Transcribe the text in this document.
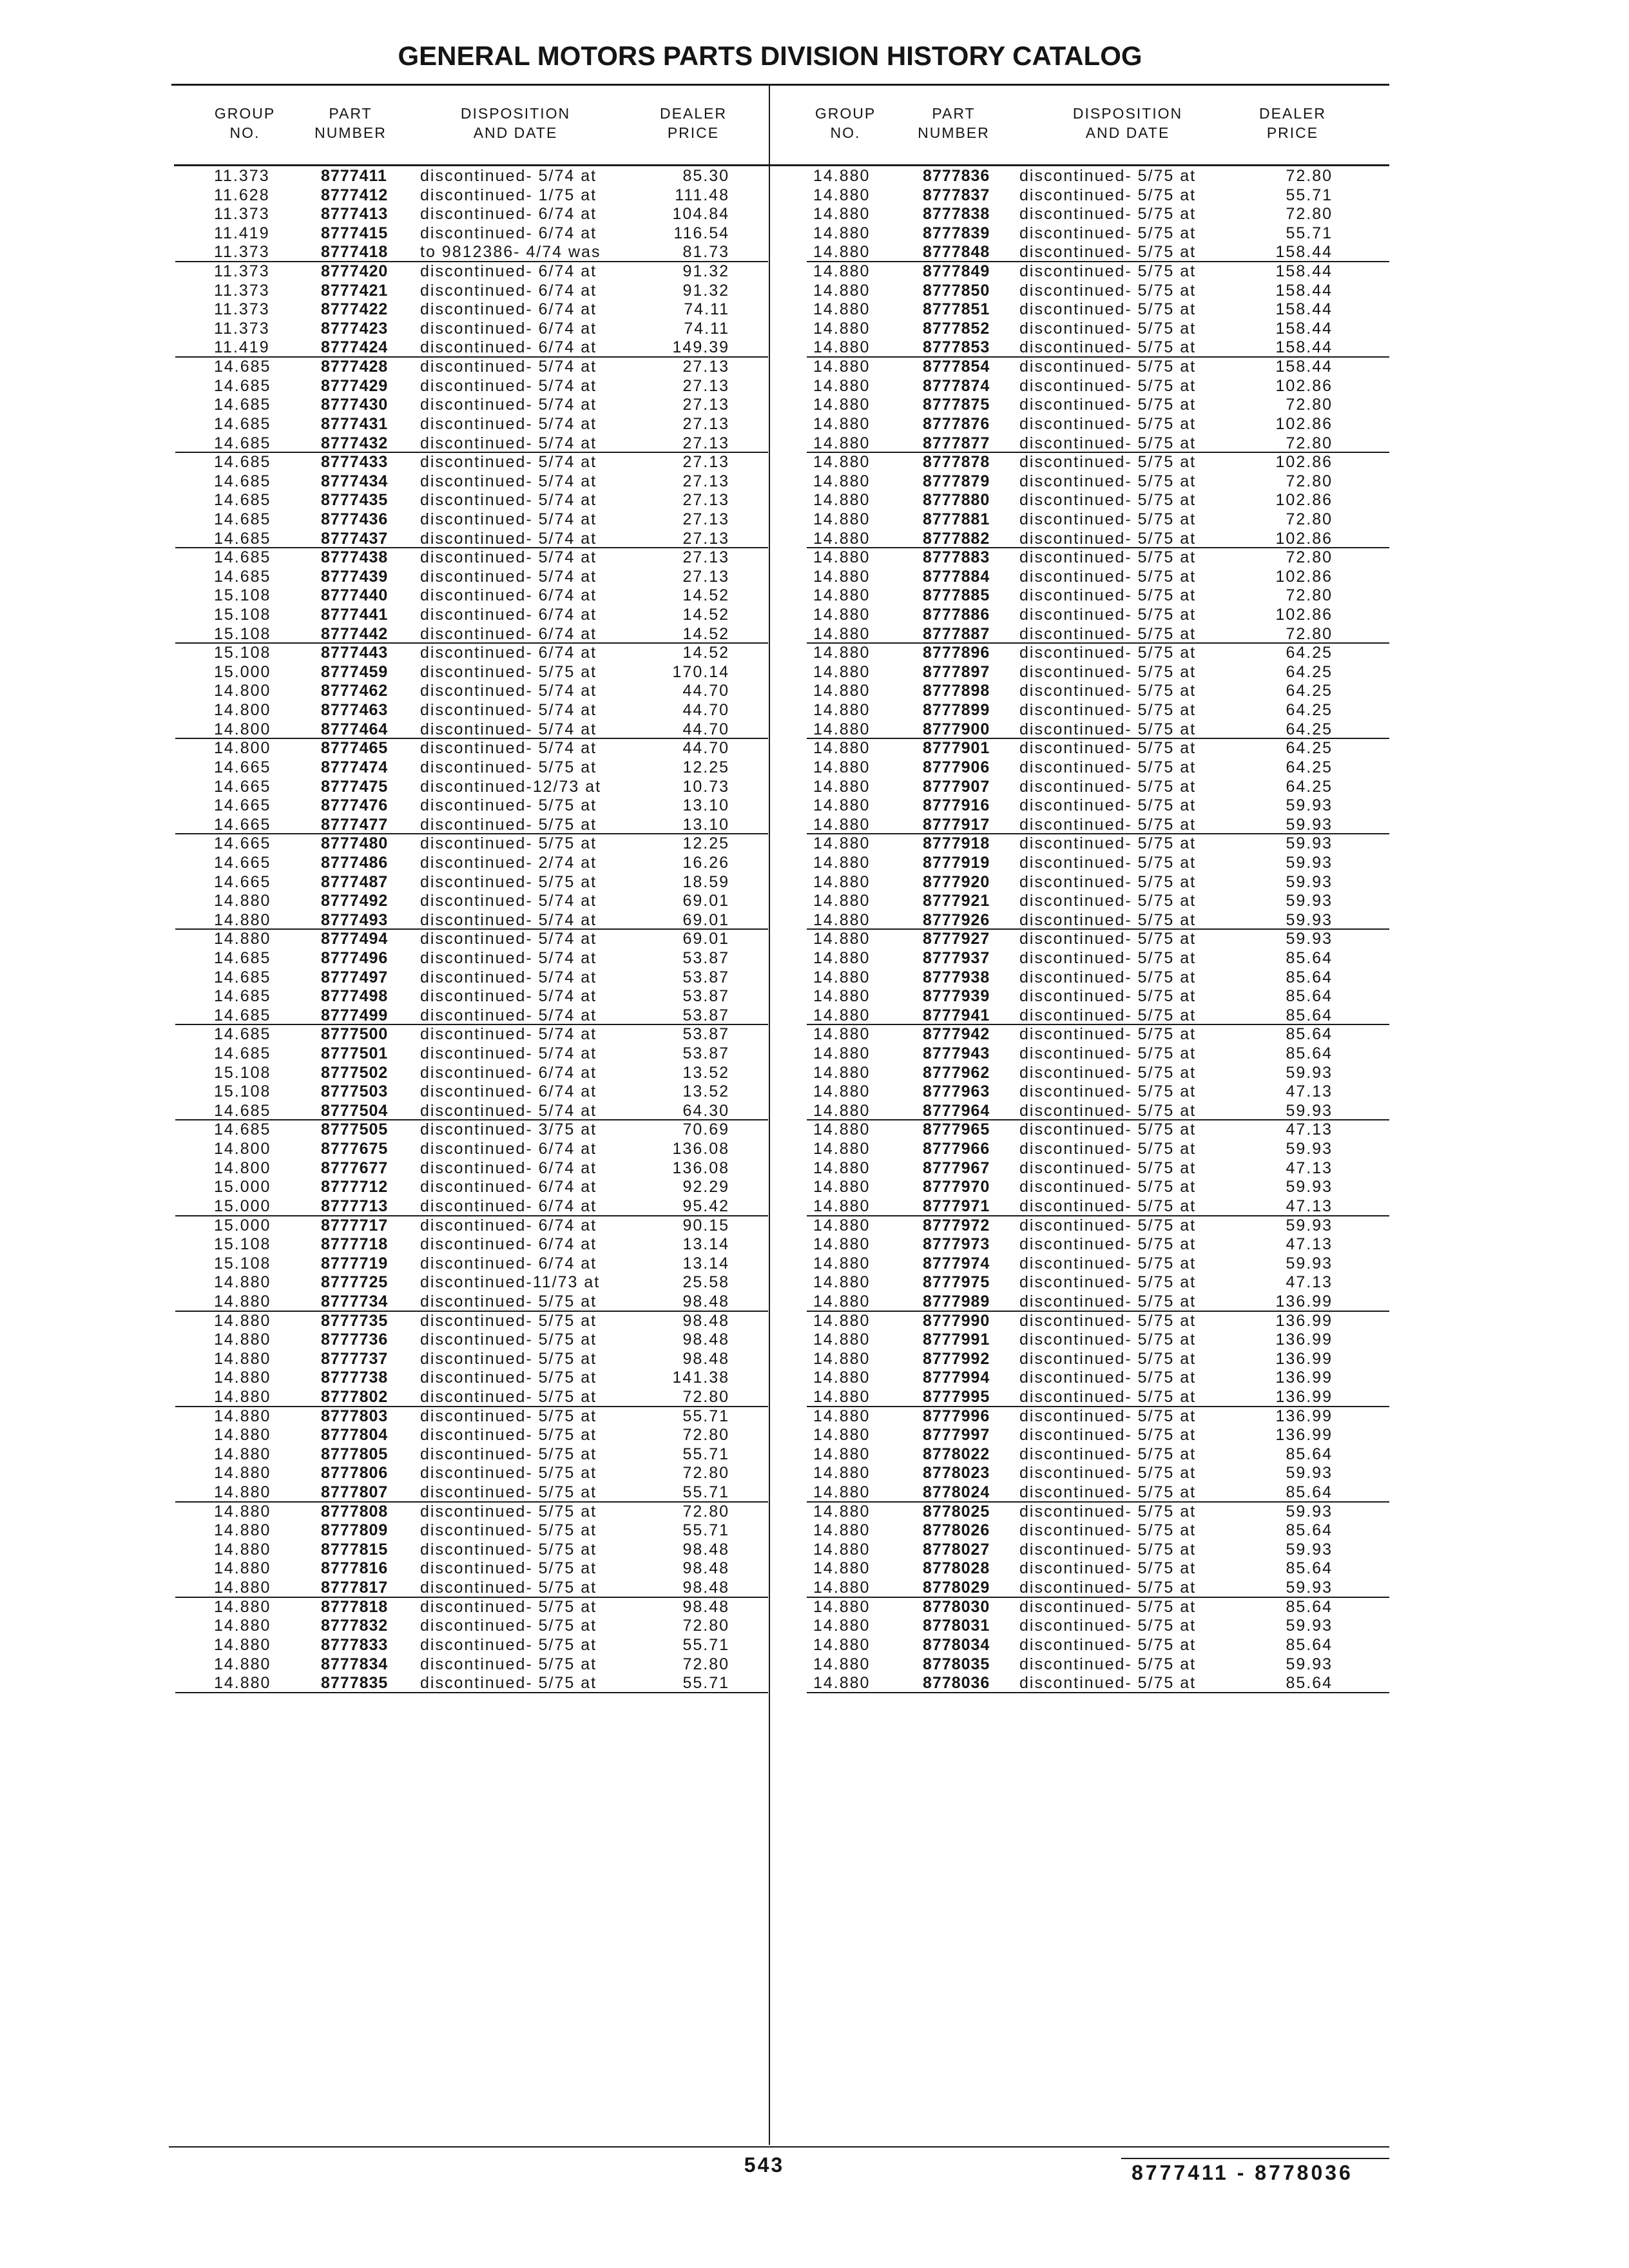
GENERAL MOTORS PARTS DIVISION HISTORY CATALOG
GROUP
NO.
PART
NUMBER
DISPOSITION
AND DATE
DEALER
PRICE
GROUP
NO.
PART
NUMBER
DISPOSITION
AND DATE
DEALER
PRICE
11.373	8777411 discontinued- 5/74 at	85.30
11.628	8777412 discontinued- 1/75 at	111.48
11.373	8777413 discontinued- 6/74 at	104.84
11.419	8777415 discontinued- 6/74 at	116.54
11.373	8777418 to 9812386- 4/74 was	81.73
11.373	8777420 discontinued- 6/74 at	91.32
11.373	8777421 discontinued- 6/74 at	91.32
11.373	8777422 discontinued- 6/74 at	74.11
11.373	8777423 discontinued- 6/74 at	74.11
11.419	8777424 discontinued- 6/74 at	149.39
14.685	8777428 discontinued- 5/74 at	27.13
14.685	8777429 discontinued- 5/74 at	27.13
14.685	8777430 discontinued- 5/74 at	27.13
14.685	8777431 discontinued- 5/74 at	27.13
14.685	8777432 discontinued- 5/74 at	27.13
14.685	8777433 discontinued- 5/74 at	27.13
14.685	8777434 discontinued- 5/74 at	27.13
14.685	8777435 discontinued- 5/74 at	27.13
14.685	8777436 discontinued- 5/74 at	27.13
14.685	8777437 discontinued- 5/74 at	27.13
14.685	8777438 discontinued- 5/74 at	27.13
14.685	8777439 discontinued- 5/74 at	27.13
15.108	8777440 discontinued- 6/74 at	14.52
15.108	8777441 discontinued- 6/74 at	14.52
15.108	8777442 discontinued- 6/74 at	14.52
15.108	8777443 discontinued- 6/74 at	14.52
15.000	8777459 discontinued- 5/75 at	170.14
14.800	8777462 discontinued- 5/74 at	44.70
14.800	8777463 discontinued- 5/74 at	44.70
14.800	8777464 discontinued- 5/74 at	44.70
14.800	8777465 discontinued- 5/74 at	44.70
14.665	8777474 discontinued- 5/75 at	12.25
14.665	8777475 discontinued-12/73 at	10.73
14.665	8777476 discontinued- 5/75 at	13.10
14.665	8777477 discontinued- 5/75 at	13.10
14.665	8777480 discontinued- 5/75 at	12.25
14.665	8777486 discontinued- 2/74 at	16.26
14.665	8777487 discontinued- 5/75 at	18.59
14.880	8777492 discontinued- 5/74 at	69.01
14.880	8777493 discontinued- 5/74 at	69.01
14.880	8777494 discontinued- 5/74 at	69.01
14.685	8777496 discontinued- 5/74 at	53.87
14.685	8777497 discontinued- 5/74 at	53.87
14.685	8777498 discontinued- 5/74 at	53.87
14.685	8777499 discontinued- 5/74 at	53.87
14.685	8777500 discontinued- 5/74 at	53.87
14.685	8777501 discontinued- 5/74 at	53.87
15.108	8777502 discontinued- 6/74 at	13.52
15.108	8777503 discontinued- 6/74 at	13.52
14.685	8777504 discontinued- 5/74 at	64.30
14.685	8777505 discontinued- 3/75 at	70.69
14.800	8777675 discontinued- 6/74 at	136.08
14.800	8777677 discontinued- 6/74 at	136.08
15.000	8777712 discontinued- 6/74 at	92.29
15.000	8777713 discontinued- 6/74 at	95.42
15.000	8777717 discontinued- 6/74 at	90.15
15.108	8777718 discontinued- 6/74 at	13.14
15.108	8777719 discontinued- 6/74 at	13.14
14.880	8777725 discontinued-11/73 at	25.58
14.880	8777734 discontinued- 5/75 at	98.48
14.880	8777735 discontinued- 5/75 at	98.48
14.880	8777736 discontinued- 5/75 at	98.48
14.880	8777737 discontinued- 5/75 at	98.48
14.880	8777738 discontinued- 5/75 at	141.38
14.880	8777802 discontinued- 5/75 at	72.80
14.880	8777803 discontinued- 5/75 at	55.71
14.880	8777804 discontinued- 5/75 at	72.80
14.880	8777805 discontinued- 5/75 at	55.71
14.880	8777806 discontinued- 5/75 at	72.80
14.880	8777807 discontinued- 5/75 at	55.71
14.880	8777808 discontinued- 5/75 at	72.80
14.880	8777809 discontinued- 5/75 at	55.71
14.880	8777815 discontinued- 5/75 at	98.48
14.880	8777816 discontinued- 5/75 at	98.48
14.880	8777817 discontinued- 5/75 at	98.48
14.880	8777818 discontinued- 5/75 at	98.48
14.880	8777832 discontinued- 5/75 at	72.80
14.880	8777833 discontinued- 5/75 at	55.71
14.880	8777834 discontinued- 5/75 at	72.80
14.880	8777835 discontinued- 5/75 at	55.71
14.880	8777836 discontinued- 5/75 at	72.80
14.880	8777837 discontinued- 5/75 at	55.71
14.880	8777838 discontinued- 5/75 at	72.80
14.880	8777839 discontinued- 5/75 at	55.71
14.880	8777848 discontinued- 5/75 at	158.44
14.880	8777849 discontinued- 5/75 at	158.44
14.880	8777850 discontinued- 5/75 at	158.44
14.880	8777851 discontinued- 5/75 at	158.44
14.880	8777852 discontinued- 5/75 at	158.44
14.880	8777853 discontinued- 5/75 at	158.44
14.880	8777854 discontinued- 5/75 at	158.44
14.880	8777874 discontinued- 5/75 at	102.86
14.880	8777875 discontinued- 5/75 at	72.80
14.880	8777876 discontinued- 5/75 at	102.86
14.880	8777877 discontinued- 5/75 at	72.80
14.880	8777878 discontinued- 5/75 at	102.86
14.880	8777879 discontinued- 5/75 at	72.80
14.880	8777880 discontinued- 5/75 at	102.86
14.880	8777881 discontinued- 5/75 at	72.80
14.880	8777882 discontinued- 5/75 at	102.86
14.880	8777883 discontinued- 5/75 at	72.80
14.880	8777884 discontinued- 5/75 at	102.86
14.880	8777885 discontinued- 5/75 at	72.80
14.880	8777886 discontinued- 5/75 at	102.86
14.880	8777887 discontinued- 5/75 at	72.80
14.880	8777896 discontinued- 5/75 at	64.25
14.880	8777897 discontinued- 5/75 at	64.25
14.880	8777898 discontinued- 5/75 at	64.25
14.880	8777899 discontinued- 5/75 at	64.25
14.880	8777900 discontinued- 5/75 at	64.25
14.880	8777901 discontinued- 5/75 at	64.25
14.880	8777906 discontinued- 5/75 at	64.25
14.880	8777907 discontinued- 5/75 at	64.25
14.880	8777916 discontinued- 5/75 at	59.93
14.880	8777917 discontinued- 5/75 at	59.93
14.880	8777918 discontinued- 5/75 at	59.93
14.880	8777919 discontinued- 5/75 at	59.93
14.880	8777920 discontinued- 5/75 at	59.93
14.880	8777921 discontinued- 5/75 at	59.93
14.880	8777926 discontinued- 5/75 at	59.93
14.880	8777927 discontinued- 5/75 at	59.93
14.880	8777937 discontinued- 5/75 at	85.64
14.880	8777938 discontinued- 5/75 at	85.64
14.880	8777939 discontinued- 5/75 at	85.64
14.880	8777941 discontinued- 5/75 at	85.64
14.880	8777942 discontinued- 5/75 at	85.64
14.880	8777943 discontinued- 5/75 at	85.64
14.880	8777962 discontinued- 5/75 at	59.93
14.880	8777963 discontinued- 5/75 at	47.13
14.880	8777964 discontinued- 5/75 at	59.93
14.880	8777965 discontinued- 5/75 at	47.13
14.880	8777966 discontinued- 5/75 at	59.93
14.880	8777967 discontinued- 5/75 at	47.13
14.880	8777970 discontinued- 5/75 at	59.93
14.880	8777971 discontinued- 5/75 at	47.13
14.880	8777972 discontinued- 5/75 at	59.93
14.880	8777973 discontinued- 5/75 at	47.13
14.880	8777974 discontinued- 5/75 at	59.93
14.880	8777975 discontinued- 5/75 at	47.13
14.880	8777989 discontinued- 5/75 at	136.99
14.880	8777990 discontinued- 5/75 at	136.99
14.880	8777991 discontinued- 5/75 at	136.99
14.880	8777992 discontinued- 5/75 at	136.99
14.880	8777994 discontinued- 5/75 at	136.99
14.880	8777995 discontinued- 5/75 at	136.99
14.880	8777996 discontinued- 5/75 at	136.99
14.880	8777997 discontinued- 5/75 at	136.99
14.880	8778022 discontinued- 5/75 at	85.64
14.880	8778023 discontinued- 5/75 at	59.93
14.880	8778024 discontinued- 5/75 at	85.64
14.880	8778025 discontinued- 5/75 at	59.93
14.880	8778026 discontinued- 5/75 at	85.64
14.880	8778027 discontinued- 5/75 at	59.93
14.880	8778028 discontinued- 5/75 at	85.64
14.880	8778029 discontinued- 5/75 at	59.93
14.880	8778030 discontinued- 5/75 at	85.64
14.880	8778031 discontinued- 5/75 at	59.93
14.880	8778034 discontinued- 5/75 at	85.64
14.880	8778035 discontinued- 5/75 at	59.93
14.880	8778036 discontinued- 5/75 at	85.64
543	8777411 - 8778036
